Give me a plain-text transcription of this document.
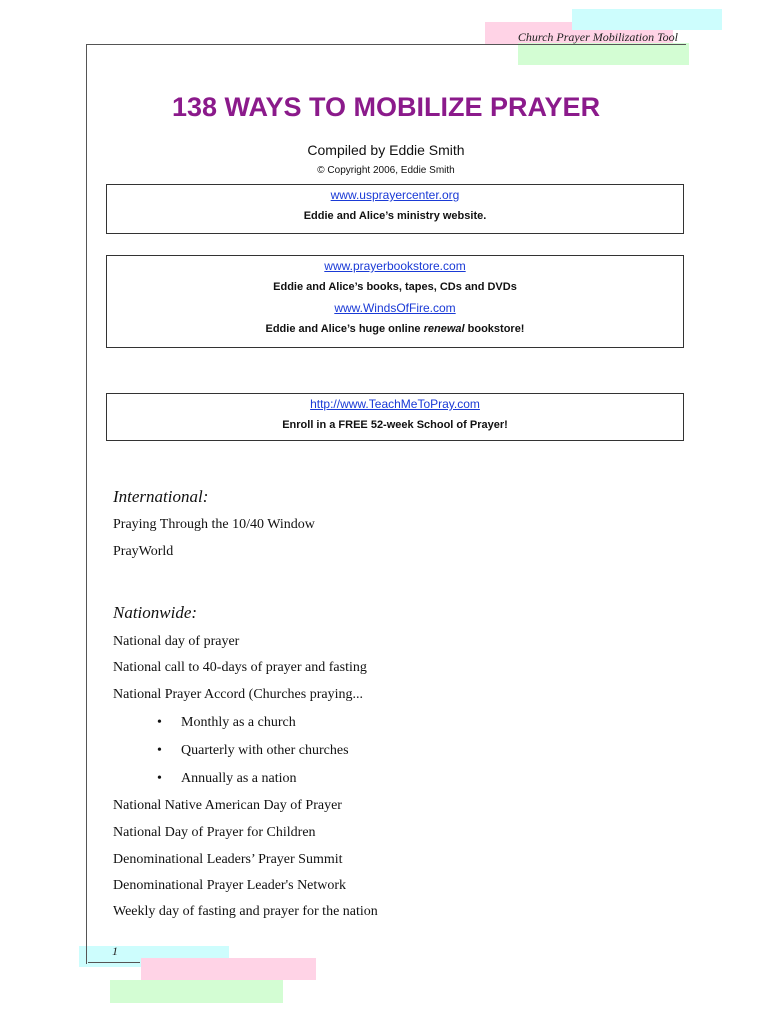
Church Prayer Mobilization Tool
138 WAYS TO MOBILIZE PRAYER
Compiled by Eddie Smith
© Copyright 2006, Eddie Smith
www.usprayercenter.org
Eddie and Alice’s ministry website.
www.prayerbookstore.com
Eddie and Alice’s books, tapes, CDs and DVDs
www.WindsOfFire.com
Eddie and Alice’s huge online renewal bookstore!
http://www.TeachMeToPray.com
Enroll in a FREE 52-week School of Prayer!
International:
Praying Through the 10/40 Window
PrayWorld
Nationwide:
National day of prayer
National call to 40-days of prayer and fasting
National Prayer Accord (Churches praying...
• Monthly as a church
• Quarterly with other churches
• Annually as a nation
National Native American Day of Prayer
National Day of Prayer for Children
Denominational Leaders’ Prayer Summit
Denominational Prayer Leader's Network
Weekly day of fasting and prayer for the nation
1
